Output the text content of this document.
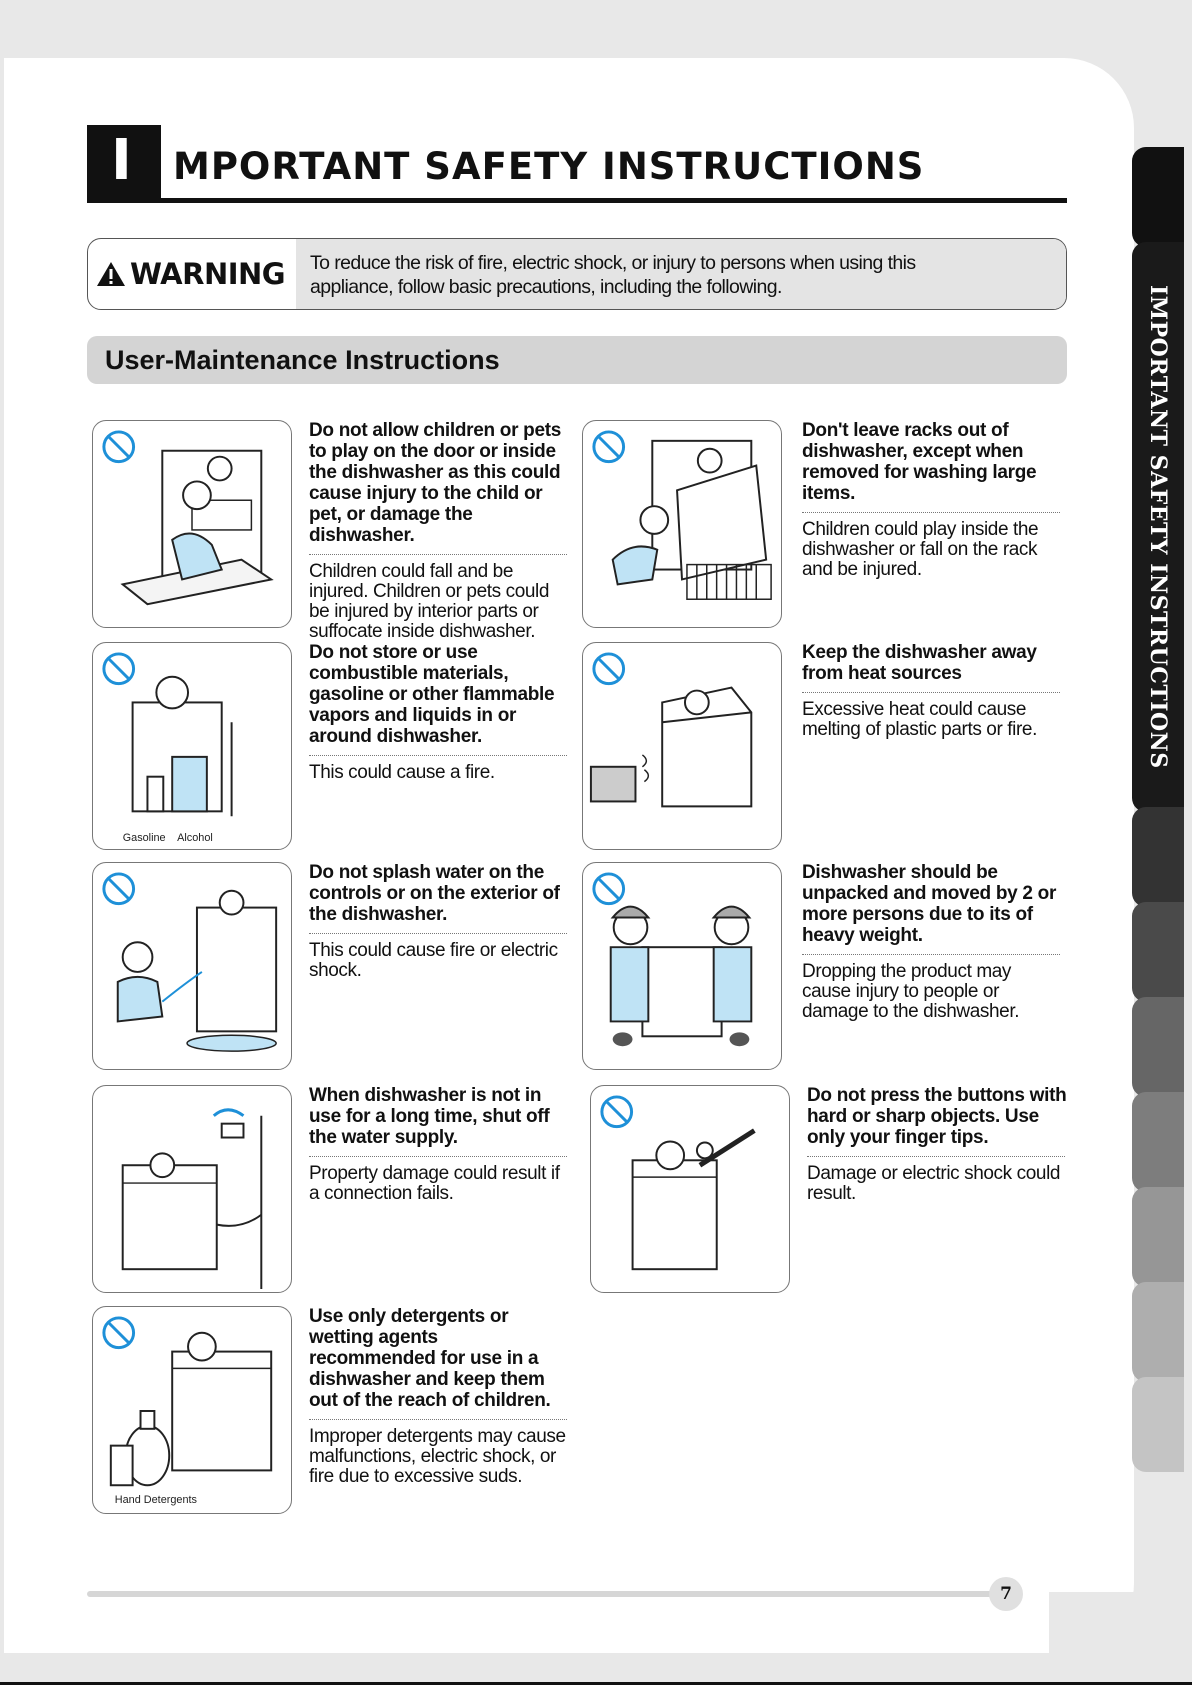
IMPORTANT SAFETY INSTRUCTIONS
I MPORTANT SAFETY INSTRUCTIONS
WARNING To reduce the risk of fire, electric shock, or injury to persons when using this
appliance, follow basic precautions, including the following.
User-Maintenance Instructions
Do not allow children or pets to play on the door or inside the dishwasher as this could cause injury to the child or pet, or damage the dishwasher.
Children could fall and be injured. Children or pets could be injured by interior parts or suffocate inside dishwasher.
Don't leave racks out of dishwasher, except when removed for washing large items.
Children could play inside the dishwasher or fall on the rack and be injured.
Gasoline Alcohol
Do not store or use combustible materials, gasoline or other flammable vapors and liquids in or around dishwasher.
This could cause a fire.
Keep the dishwasher away from heat sources
Excessive heat could cause melting of plastic parts or fire.
Do not splash water on the controls or on the exterior of the dishwasher.
This could cause fire or electric shock.
Dishwasher should be unpacked and moved by 2 or more persons due to its of heavy weight.
Dropping the product may cause injury to people or damage to the dishwasher.
When dishwasher is not in use for a long time, shut off the water supply.
Property damage could result if a connection fails.
Do not press the buttons with hard or sharp objects. Use only your finger tips.
Damage or electric shock could result.
Hand Detergents
Use only detergents or wetting agents recommended for use in a dishwasher and keep them out of the reach of children.
Improper detergents may cause malfunctions, electric shock, or fire due to excessive suds.
7
